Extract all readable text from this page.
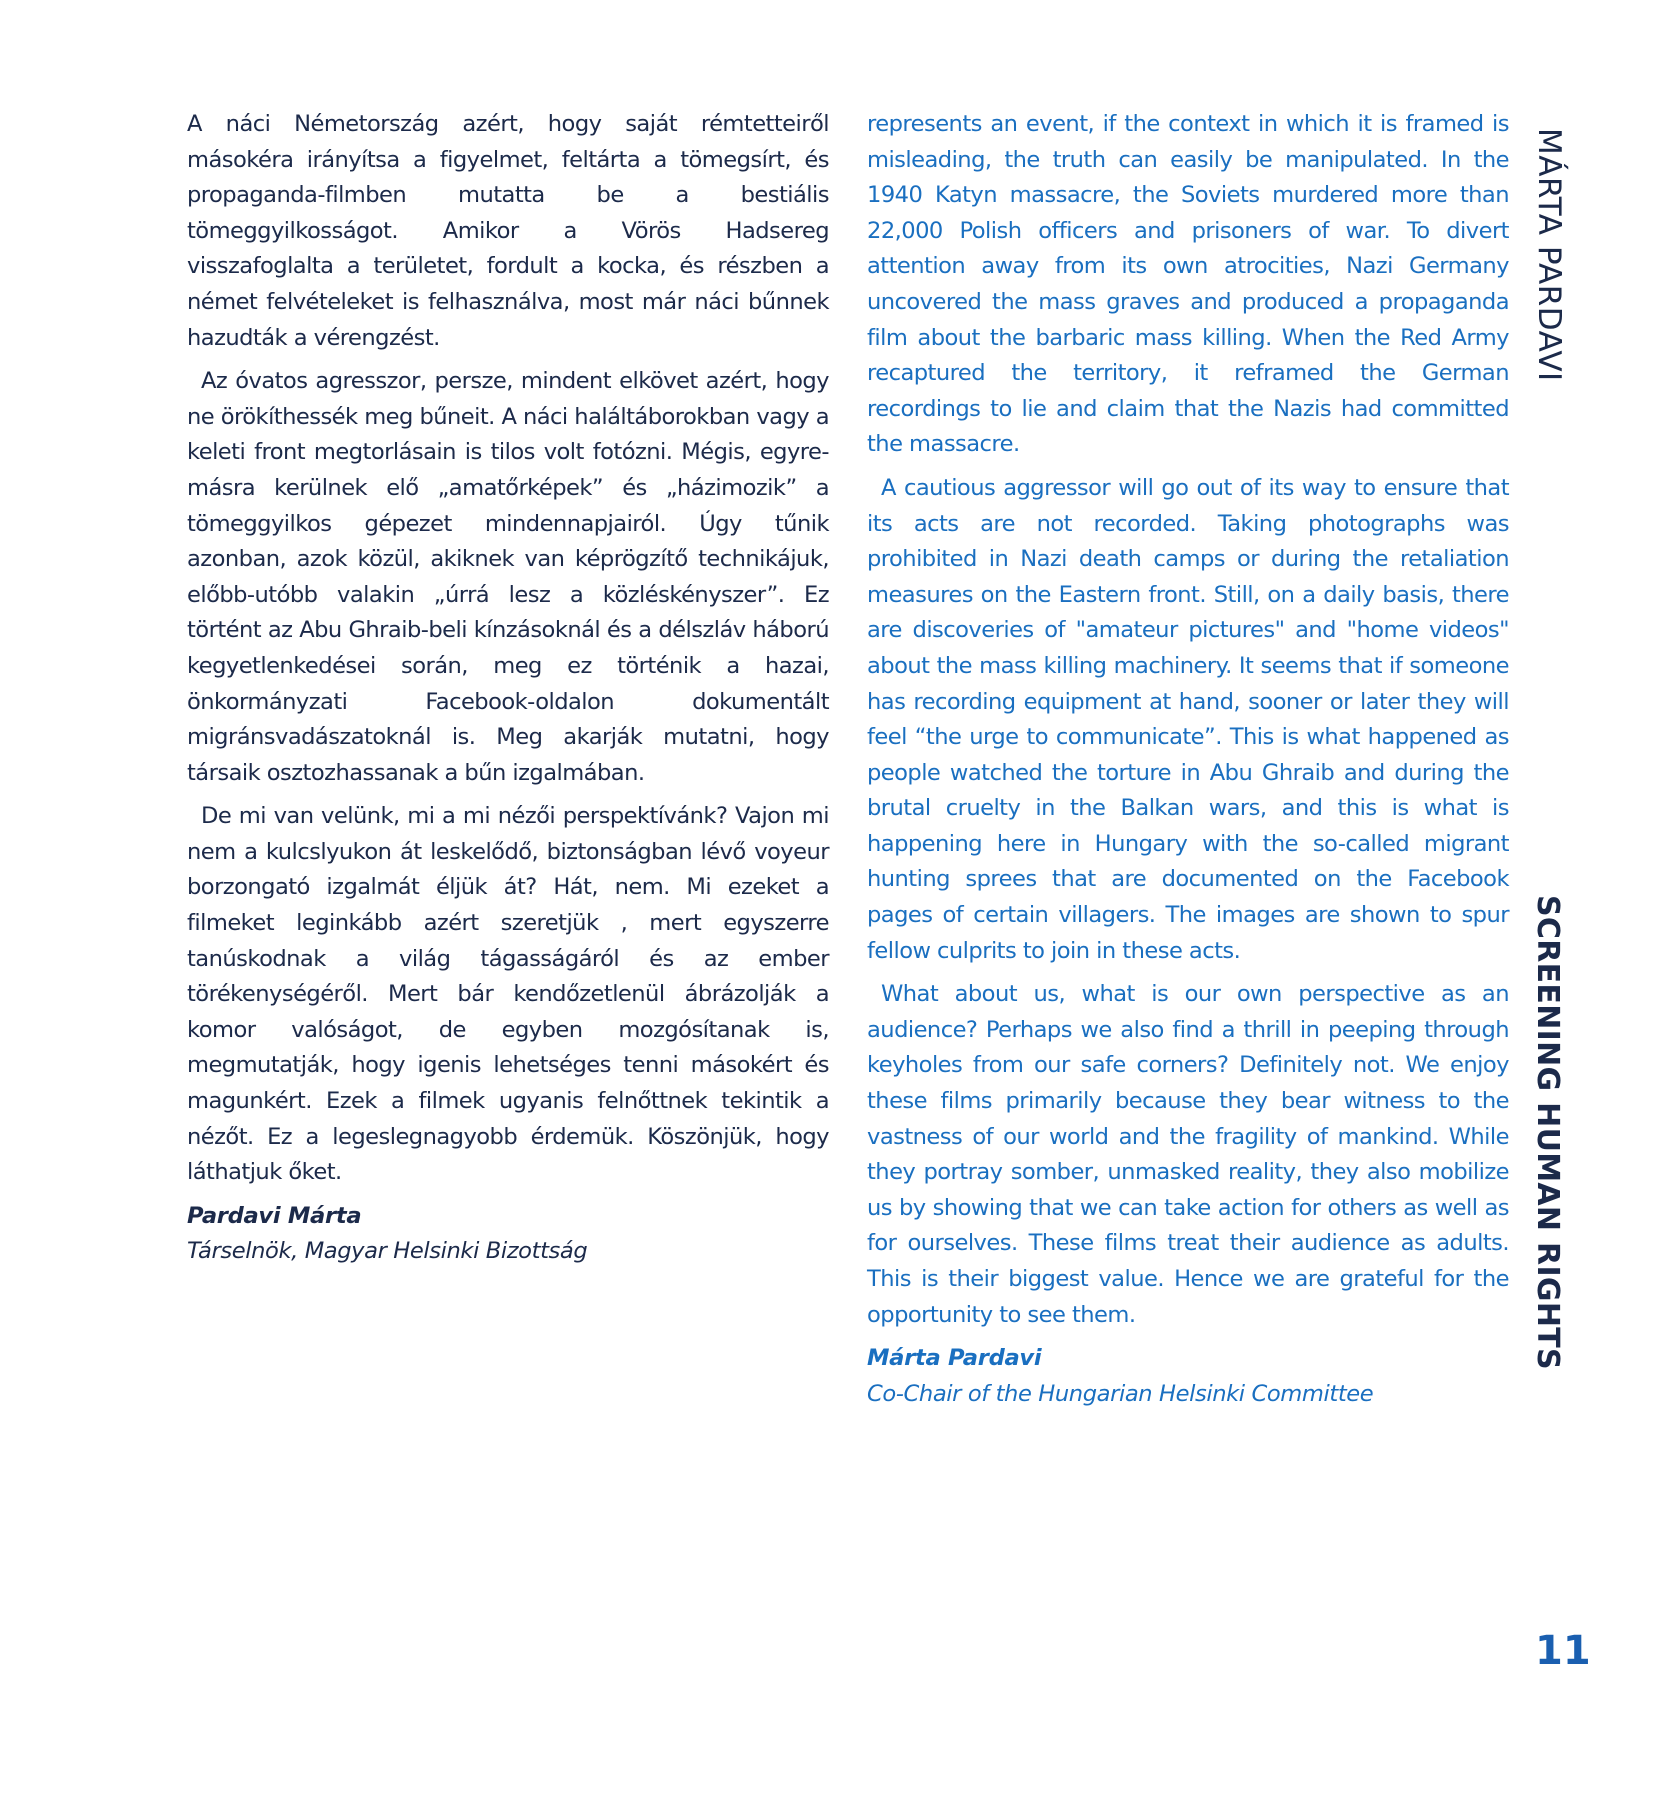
A náci Németország azért, hogy saját rémtetteiről másokéra irányítsa a figyelmet, feltárta a tömegsírt, és propaganda-filmben mutatta be a bestiális tömeggyilkosságot. Amikor a Vörös Hadsereg visszafoglalta a területet, fordult a kocka, és részben a német felvételeket is felhasználva, most már náci bűnnek hazudták a vérengzést.

Az óvatos agresszor, persze, mindent elkövet azért, hogy ne örökíthessék meg bűneit. A náci haláltáborokban vagy a keleti front megtorlásain is tilos volt fotózni. Mégis, egyre-másra kerülnek elő „amatőrképek” és „házimozik” a tömeggyilkos gépezet mindennapjairól. Úgy tűnik azonban, azok közül, akiknek van képrögzítő technikájuk, előbb-utóbb valakin „úrrá lesz a közléskényszer”. Ez történt az Abu Ghraib-beli kínzásoknál és a délszláv háború kegyetlenkedései során, meg ez történik a hazai, önkormányzati Facebook-oldalon dokumentált migránsvadászatoknál is. Meg akarják mutatni, hogy társaik osztozhassanak a bűn izgalmában.

De mi van velünk, mi a mi nézői perspektívánk? Vajon mi nem a kulcslyukon át leskelődő, biztonságban lévő voyeur borzongató izgalmát éljük át? Hát, nem. Mi ezeket a filmeket leginkább azért szeretjük , mert egyszerre tanúskodnak a világ tágasságáról és az ember törékenységéről. Mert bár kendőzetlenül ábrázolják a komor valóságot, de egyben mozgósítanak is, megmutatják, hogy igenis lehetséges tenni másokért és magunkért. Ezek a filmek ugyanis felnőttnek tekintik a nézőt. Ez a legeslegnagyobb érdemük. Köszönjük, hogy láthatjuk őket.

Pardavi Márta
Társelnök, Magyar Helsinki Bizottság

represents an event, if the context in which it is framed is misleading, the truth can easily be manipulated. In the 1940 Katyn massacre, the Soviets murdered more than 22,000 Polish officers and prisoners of war. To divert attention away from its own atrocities, Nazi Germany uncovered the mass graves and produced a propaganda film about the barbaric mass killing. When the Red Army recaptured the territory, it reframed the German recordings to lie and claim that the Nazis had committed the massacre.

A cautious aggressor will go out of its way to ensure that its acts are not recorded. Taking photographs was prohibited in Nazi death camps or during the retaliation measures on the Eastern front. Still, on a daily basis, there are discoveries of "amateur pictures" and "home videos" about the mass killing machinery. It seems that if someone has recording equipment at hand, sooner or later they will feel “the urge to communicate”. This is what happened as people watched the torture in Abu Ghraib and during the brutal cruelty in the Balkan wars, and this is what is happening here in Hungary with the so-called migrant hunting sprees that are documented on the Facebook pages of certain villagers. The images are shown to spur fellow culprits to join in these acts.

What about us, what is our own perspective as an audience? Perhaps we also find a thrill in peeping through keyholes from our safe corners? Definitely not. We enjoy these films primarily because they bear witness to the vastness of our world and the fragility of mankind. While they portray somber, unmasked reality, they also mobilize us by showing that we can take action for others as well as for ourselves. These films treat their audience as adults. This is their biggest value. Hence we are grateful for the opportunity to see them.

Márta Pardavi
Co-Chair of the Hungarian Helsinki Committee
MÁRTA PARDAVI
SCREENING HUMAN RIGHTS
11
